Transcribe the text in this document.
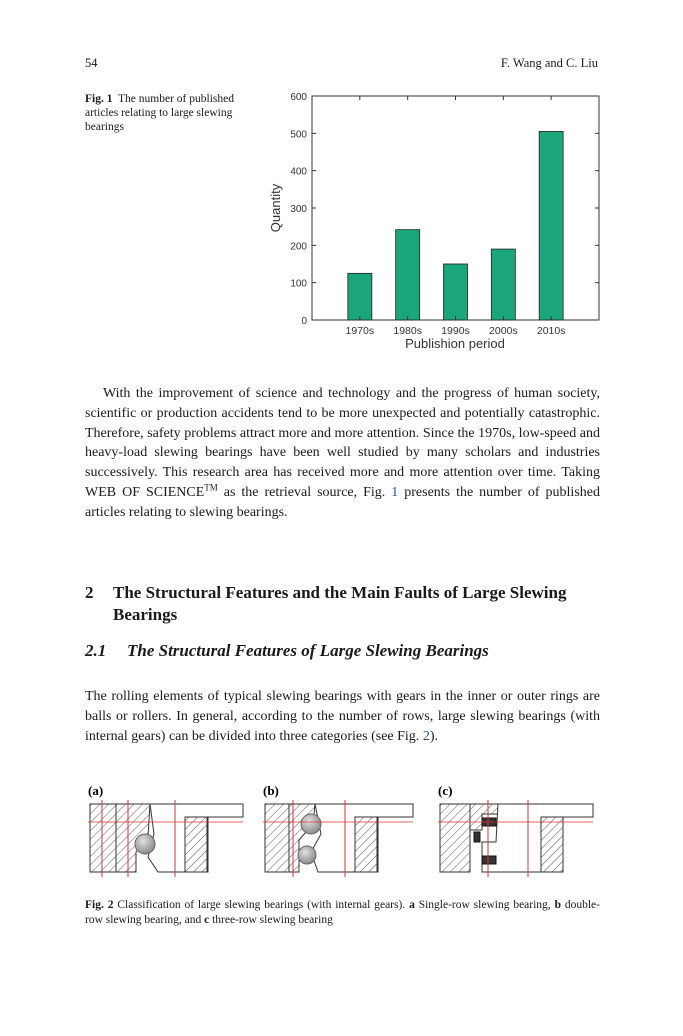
54	F. Wang and C. Liu
Fig. 1 The number of published articles relating to large slewing bearings
0
100
200
300
400
500
600
1970s 1980s 1990s 2000s 2010s
Quantity
Publishion period

With the improvement of science and technology and the progress of human society, scientific or production accidents tend to be more unexpected and potentially catastrophic. Therefore, safety problems attract more and more attention. Since the 1970s, low-speed and heavy-load slewing bearings have been well studied by many scholars and industries successively. This research area has received more and more attention over time. Taking WEB OF SCIENCE™ as the retrieval source, Fig. 1 presents the number of published articles relating to slewing bearings.

2	The Structural Features and the Main Faults of Large Slewing Bearings
2.1	The Structural Features of Large Slewing Bearings

The rolling elements of typical slewing bearings with gears in the inner or outer rings are balls or rollers. In general, according to the number of rows, large slewing bearings (with internal gears) can be divided into three categories (see Fig. 2).

(a)	(b)	(c)
Fig. 2 Classification of large slewing bearings (with internal gears). a Single-row slewing bearing, b double-row slewing bearing, and c three-row slewing bearing
